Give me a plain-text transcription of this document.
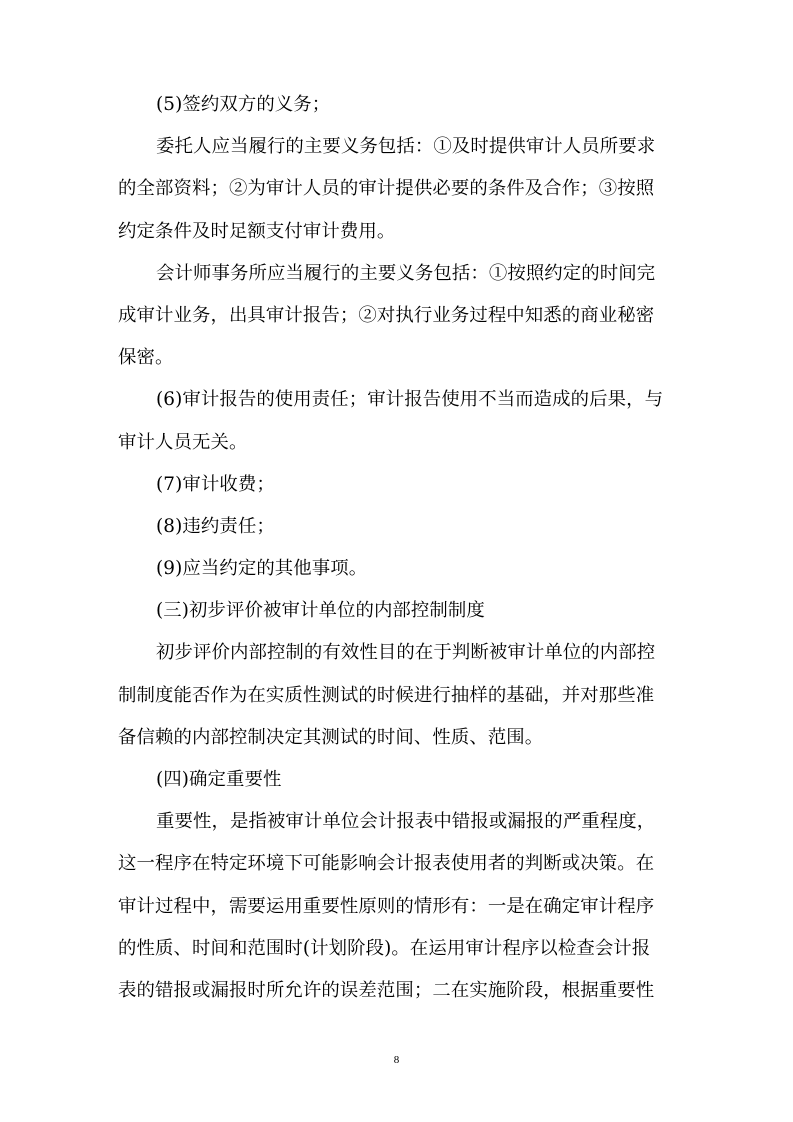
(5)签约双方的义务；
委托人应当履行的主要义务包括：①及时提供审计人员所要求
的全部资料；②为审计人员的审计提供必要的条件及合作；③按照
约定条件及时足额支付审计费用。
会计师事务所应当履行的主要义务包括：①按照约定的时间完
成审计业务，出具审计报告；②对执行业务过程中知悉的商业秘密
保密。
(6)审计报告的使用责任；审计报告使用不当而造成的后果，与
审计人员无关。
(7)审计收费；
(8)违约责任；
(9)应当约定的其他事项。
(三)初步评价被审计单位的内部控制制度
初步评价内部控制的有效性目的在于判断被审计单位的内部控
制制度能否作为在实质性测试的时候进行抽样的基础，并对那些准
备信赖的内部控制决定其测试的时间、性质、范围。
(四)确定重要性
重要性，是指被审计单位会计报表中错报或漏报的严重程度，
这一程序在特定环境下可能影响会计报表使用者的判断或决策。在
审计过程中，需要运用重要性原则的情形有：一是在确定审计程序
的性质、时间和范围时(计划阶段)。在运用审计程序以检查会计报
表的错报或漏报时所允许的误差范围；二在实施阶段，根据重要性
8
